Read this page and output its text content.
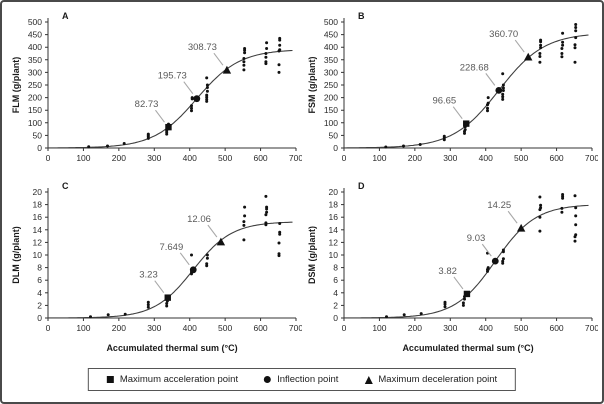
0	100 200 300 400 500 600 700
0
50
100
150
200
250
300
350
400
450
500
FLM (g/plant)
A
82.73
195.73
308.73
0	100 200 300 400 500 600 700
0
50
100
150
200
250
300
350
400
450
500
FSM (g/plant)
B
96.65
228.68
360.70
0	100 200 300 400 500 600 700
0
2
4
6
8
10
12
14
16
18
20
DLM (g/plant)
Accumulated thermal sum (°C)
C
3.23
7.649
12.06
0	100 200 300 400 500 600 700
0
2
4
6
8
10
12
14
16
18
20
DSM (g/plant)
Accumulated thermal sum (°C)
D
3.82
9.03
14.25
Maximum acceleration point	Inflection point	Maximum deceleration point
